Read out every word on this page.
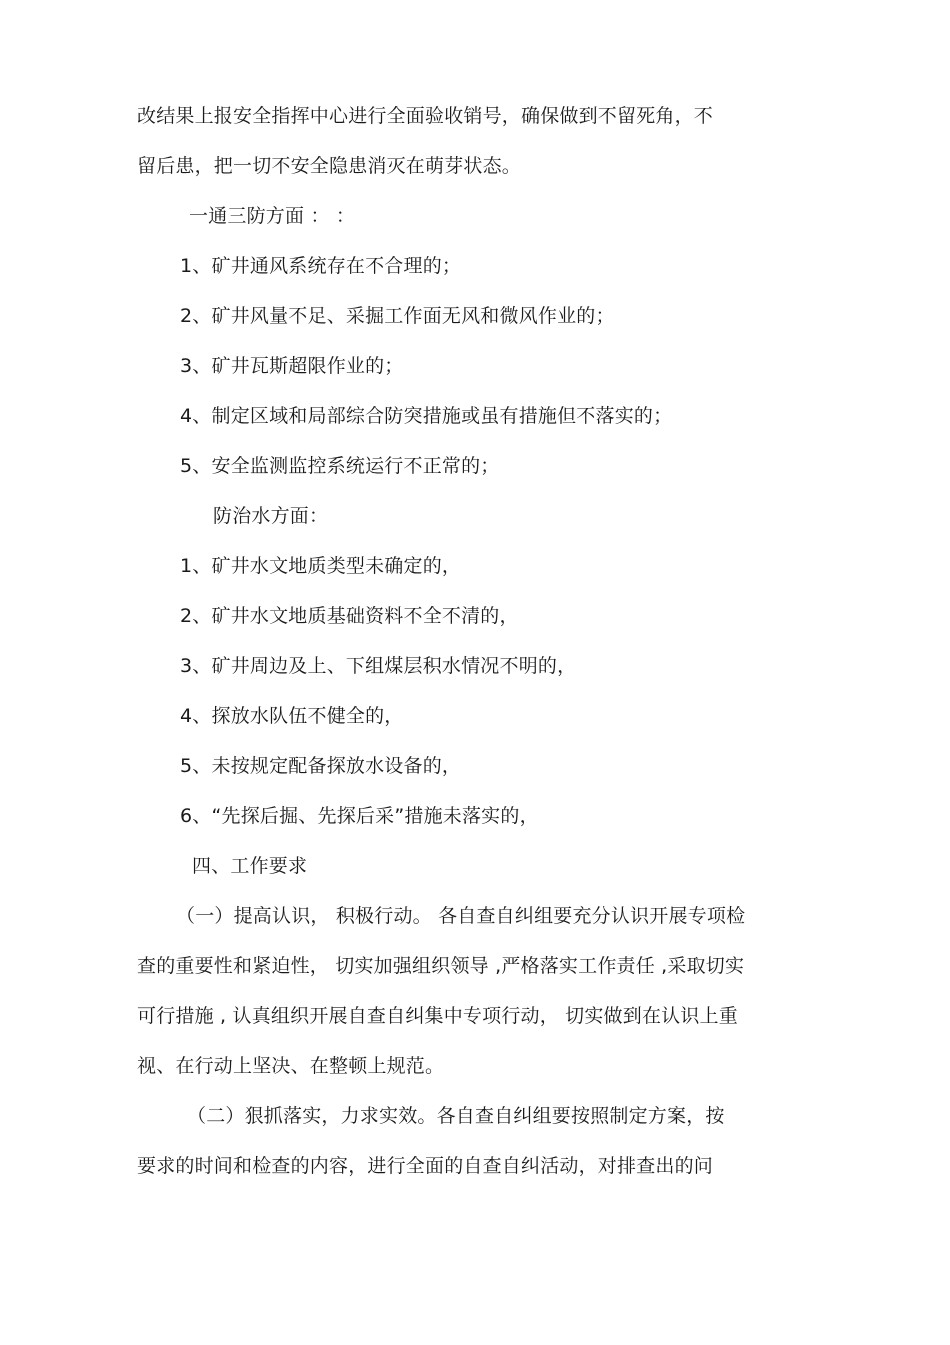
改结果上报安全指挥中心进行全面验收销号，确保做到不留死角，不

留后患，把一切不安全隐患消灭在萌芽状态。

一通三防方面 ： ：

1、矿井通风系统存在不合理的；

2、矿井风量不足、采掘工作面无风和微风作业的；

3、矿井瓦斯超限作业的；

4、制定区域和局部综合防突措施或虽有措施但不落实的；

5、安全监测监控系统运行不正常的；

防治水方面：

1、矿井水文地质类型未确定的，

2、矿井水文地质基础资料不全不清的，

3、矿井周边及上、下组煤层积水情况不明的，

4、探放水队伍不健全的，

5、未按规定配备探放水设备的，

6、“先探后掘、先探后采”措施未落实的，

四、工作要求

（一）提高认识， 积极行动。 各自查自纠组要充分认识开展专项检

查的重要性和紧迫性， 切实加强组织领导 ,严格落实工作责任 ,采取切实

可行措施 , 认真组织开展自查自纠集中专项行动， 切实做到在认识上重

视、在行动上坚决、在整顿上规范。

（二）狠抓落实，力求实效。各自查自纠组要按照制定方案，按

要求的时间和检查的内容，进行全面的自查自纠活动，对排查出的问
